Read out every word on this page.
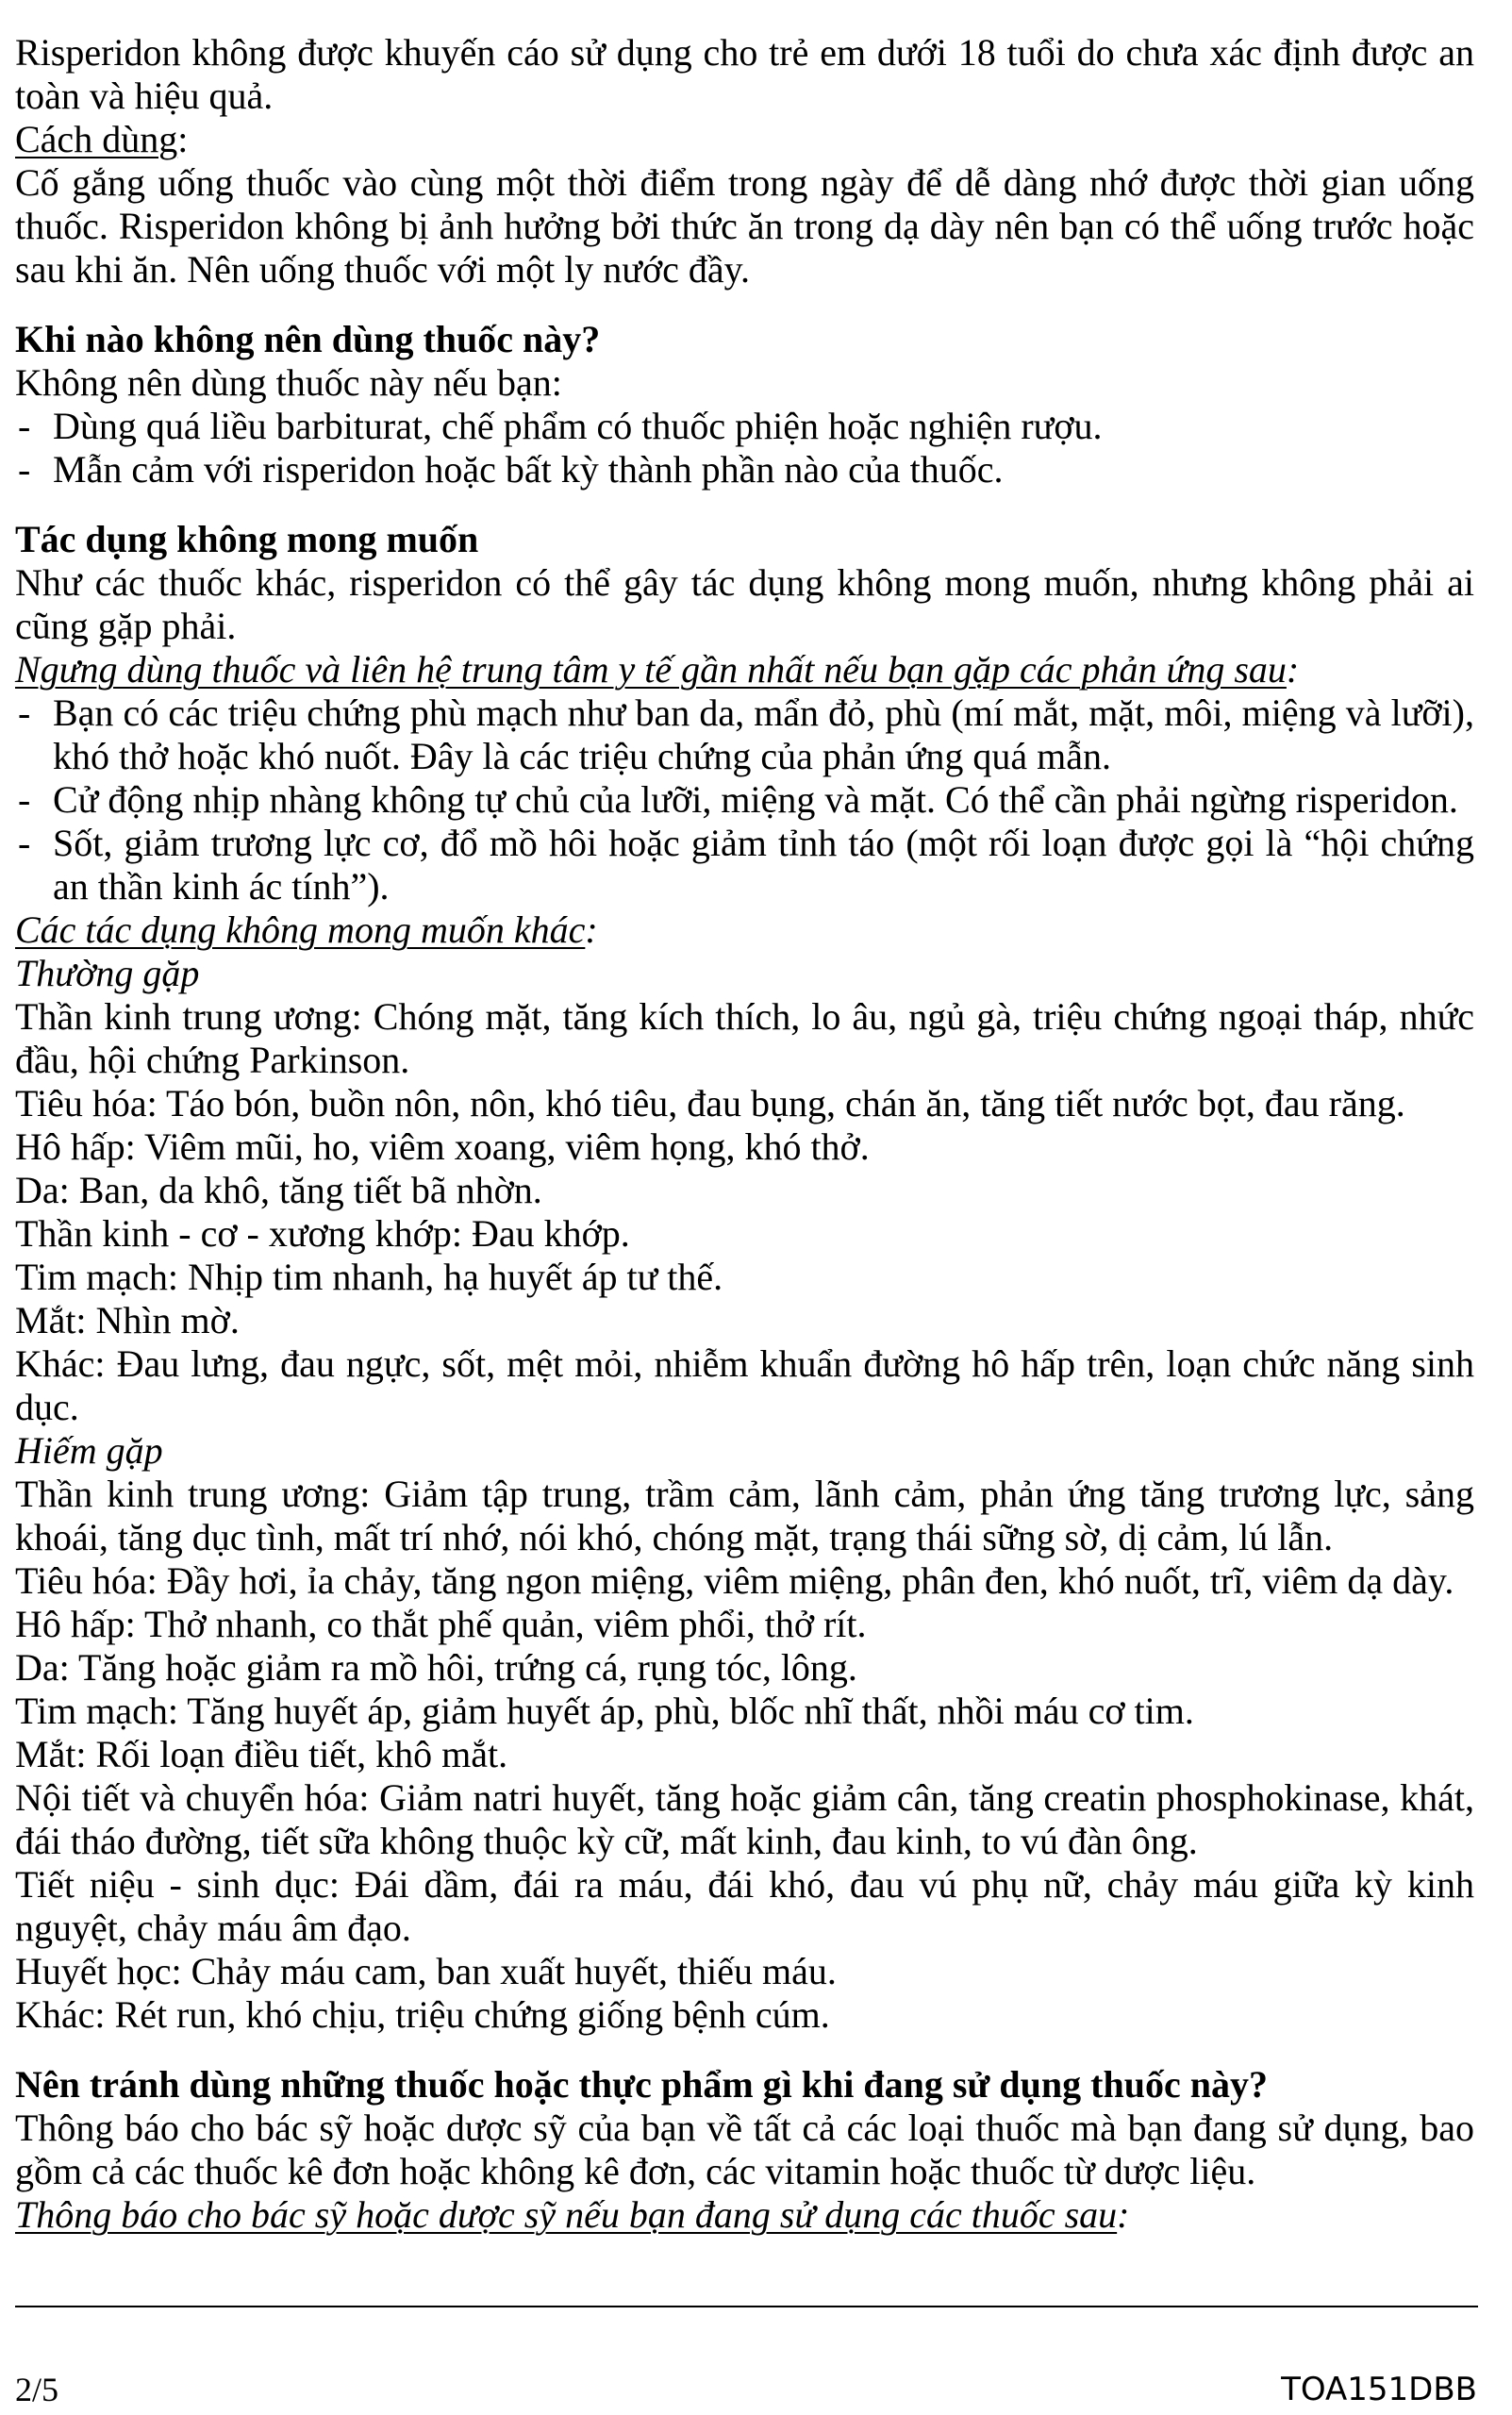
Risperidon không được khuyến cáo sử dụng cho trẻ em dưới 18 tuổi do chưa xác định được an
toàn và hiệu quả.
Cách dùng:
Cố gắng uống thuốc vào cùng một thời điểm trong ngày để dễ dàng nhớ được thời gian uống
thuốc. Risperidon không bị ảnh hưởng bởi thức ăn trong dạ dày nên bạn có thể uống trước hoặc
sau khi ăn. Nên uống thuốc với một ly nước đầy.
Khi nào không nên dùng thuốc này?
Không nên dùng thuốc này nếu bạn:
- Dùng quá liều barbiturat, chế phẩm có thuốc phiện hoặc nghiện rượu.
- Mẫn cảm với risperidon hoặc bất kỳ thành phần nào của thuốc.
Tác dụng không mong muốn
Như các thuốc khác, risperidon có thể gây tác dụng không mong muốn, nhưng không phải ai
cũng gặp phải.
Ngưng dùng thuốc và liên hệ trung tâm y tế gần nhất nếu bạn gặp các phản ứng sau:
- Bạn có các triệu chứng phù mạch như ban da, mẩn đỏ, phù (mí mắt, mặt, môi, miệng và lưỡi),
khó thở hoặc khó nuốt. Đây là các triệu chứng của phản ứng quá mẫn.
- Cử động nhịp nhàng không tự chủ của lưỡi, miệng và mặt. Có thể cần phải ngừng risperidon.
- Sốt, giảm trương lực cơ, đổ mồ hôi hoặc giảm tỉnh táo (một rối loạn được gọi là “hội chứng
an thần kinh ác tính”).
Các tác dụng không mong muốn khác:
Thường gặp
Thần kinh trung ương: Chóng mặt, tăng kích thích, lo âu, ngủ gà, triệu chứng ngoại tháp, nhức
đầu, hội chứng Parkinson.
Tiêu hóa: Táo bón, buồn nôn, nôn, khó tiêu, đau bụng, chán ăn, tăng tiết nước bọt, đau răng.
Hô hấp: Viêm mũi, ho, viêm xoang, viêm họng, khó thở.
Da: Ban, da khô, tăng tiết bã nhờn.
Thần kinh - cơ - xương khớp: Đau khớp.
Tim mạch: Nhịp tim nhanh, hạ huyết áp tư thế.
Mắt: Nhìn mờ.
Khác: Đau lưng, đau ngực, sốt, mệt mỏi, nhiễm khuẩn đường hô hấp trên, loạn chức năng sinh
dục.
Hiếm gặp
Thần kinh trung ương: Giảm tập trung, trầm cảm, lãnh cảm, phản ứng tăng trương lực, sảng
khoái, tăng dục tình, mất trí nhớ, nói khó, chóng mặt, trạng thái sững sờ, dị cảm, lú lẫn.
Tiêu hóa: Đầy hơi, ỉa chảy, tăng ngon miệng, viêm miệng, phân đen, khó nuốt, trĩ, viêm dạ dày.
Hô hấp: Thở nhanh, co thắt phế quản, viêm phổi, thở rít.
Da: Tăng hoặc giảm ra mồ hôi, trứng cá, rụng tóc, lông.
Tim mạch: Tăng huyết áp, giảm huyết áp, phù, blốc nhĩ thất, nhồi máu cơ tim.
Mắt: Rối loạn điều tiết, khô mắt.
Nội tiết và chuyển hóa: Giảm natri huyết, tăng hoặc giảm cân, tăng creatin phosphokinase, khát,
đái tháo đường, tiết sữa không thuộc kỳ cữ, mất kinh, đau kinh, to vú đàn ông.
Tiết niệu - sinh dục: Đái dầm, đái ra máu, đái khó, đau vú phụ nữ, chảy máu giữa kỳ kinh
nguyệt, chảy máu âm đạo.
Huyết học: Chảy máu cam, ban xuất huyết, thiếu máu.
Khác: Rét run, khó chịu, triệu chứng giống bệnh cúm.
Nên tránh dùng những thuốc hoặc thực phẩm gì khi đang sử dụng thuốc này?
Thông báo cho bác sỹ hoặc dược sỹ của bạn về tất cả các loại thuốc mà bạn đang sử dụng, bao
gồm cả các thuốc kê đơn hoặc không kê đơn, các vitamin hoặc thuốc từ dược liệu.
Thông báo cho bác sỹ hoặc dược sỹ nếu bạn đang sử dụng các thuốc sau:
2/5	TOA151DBB
